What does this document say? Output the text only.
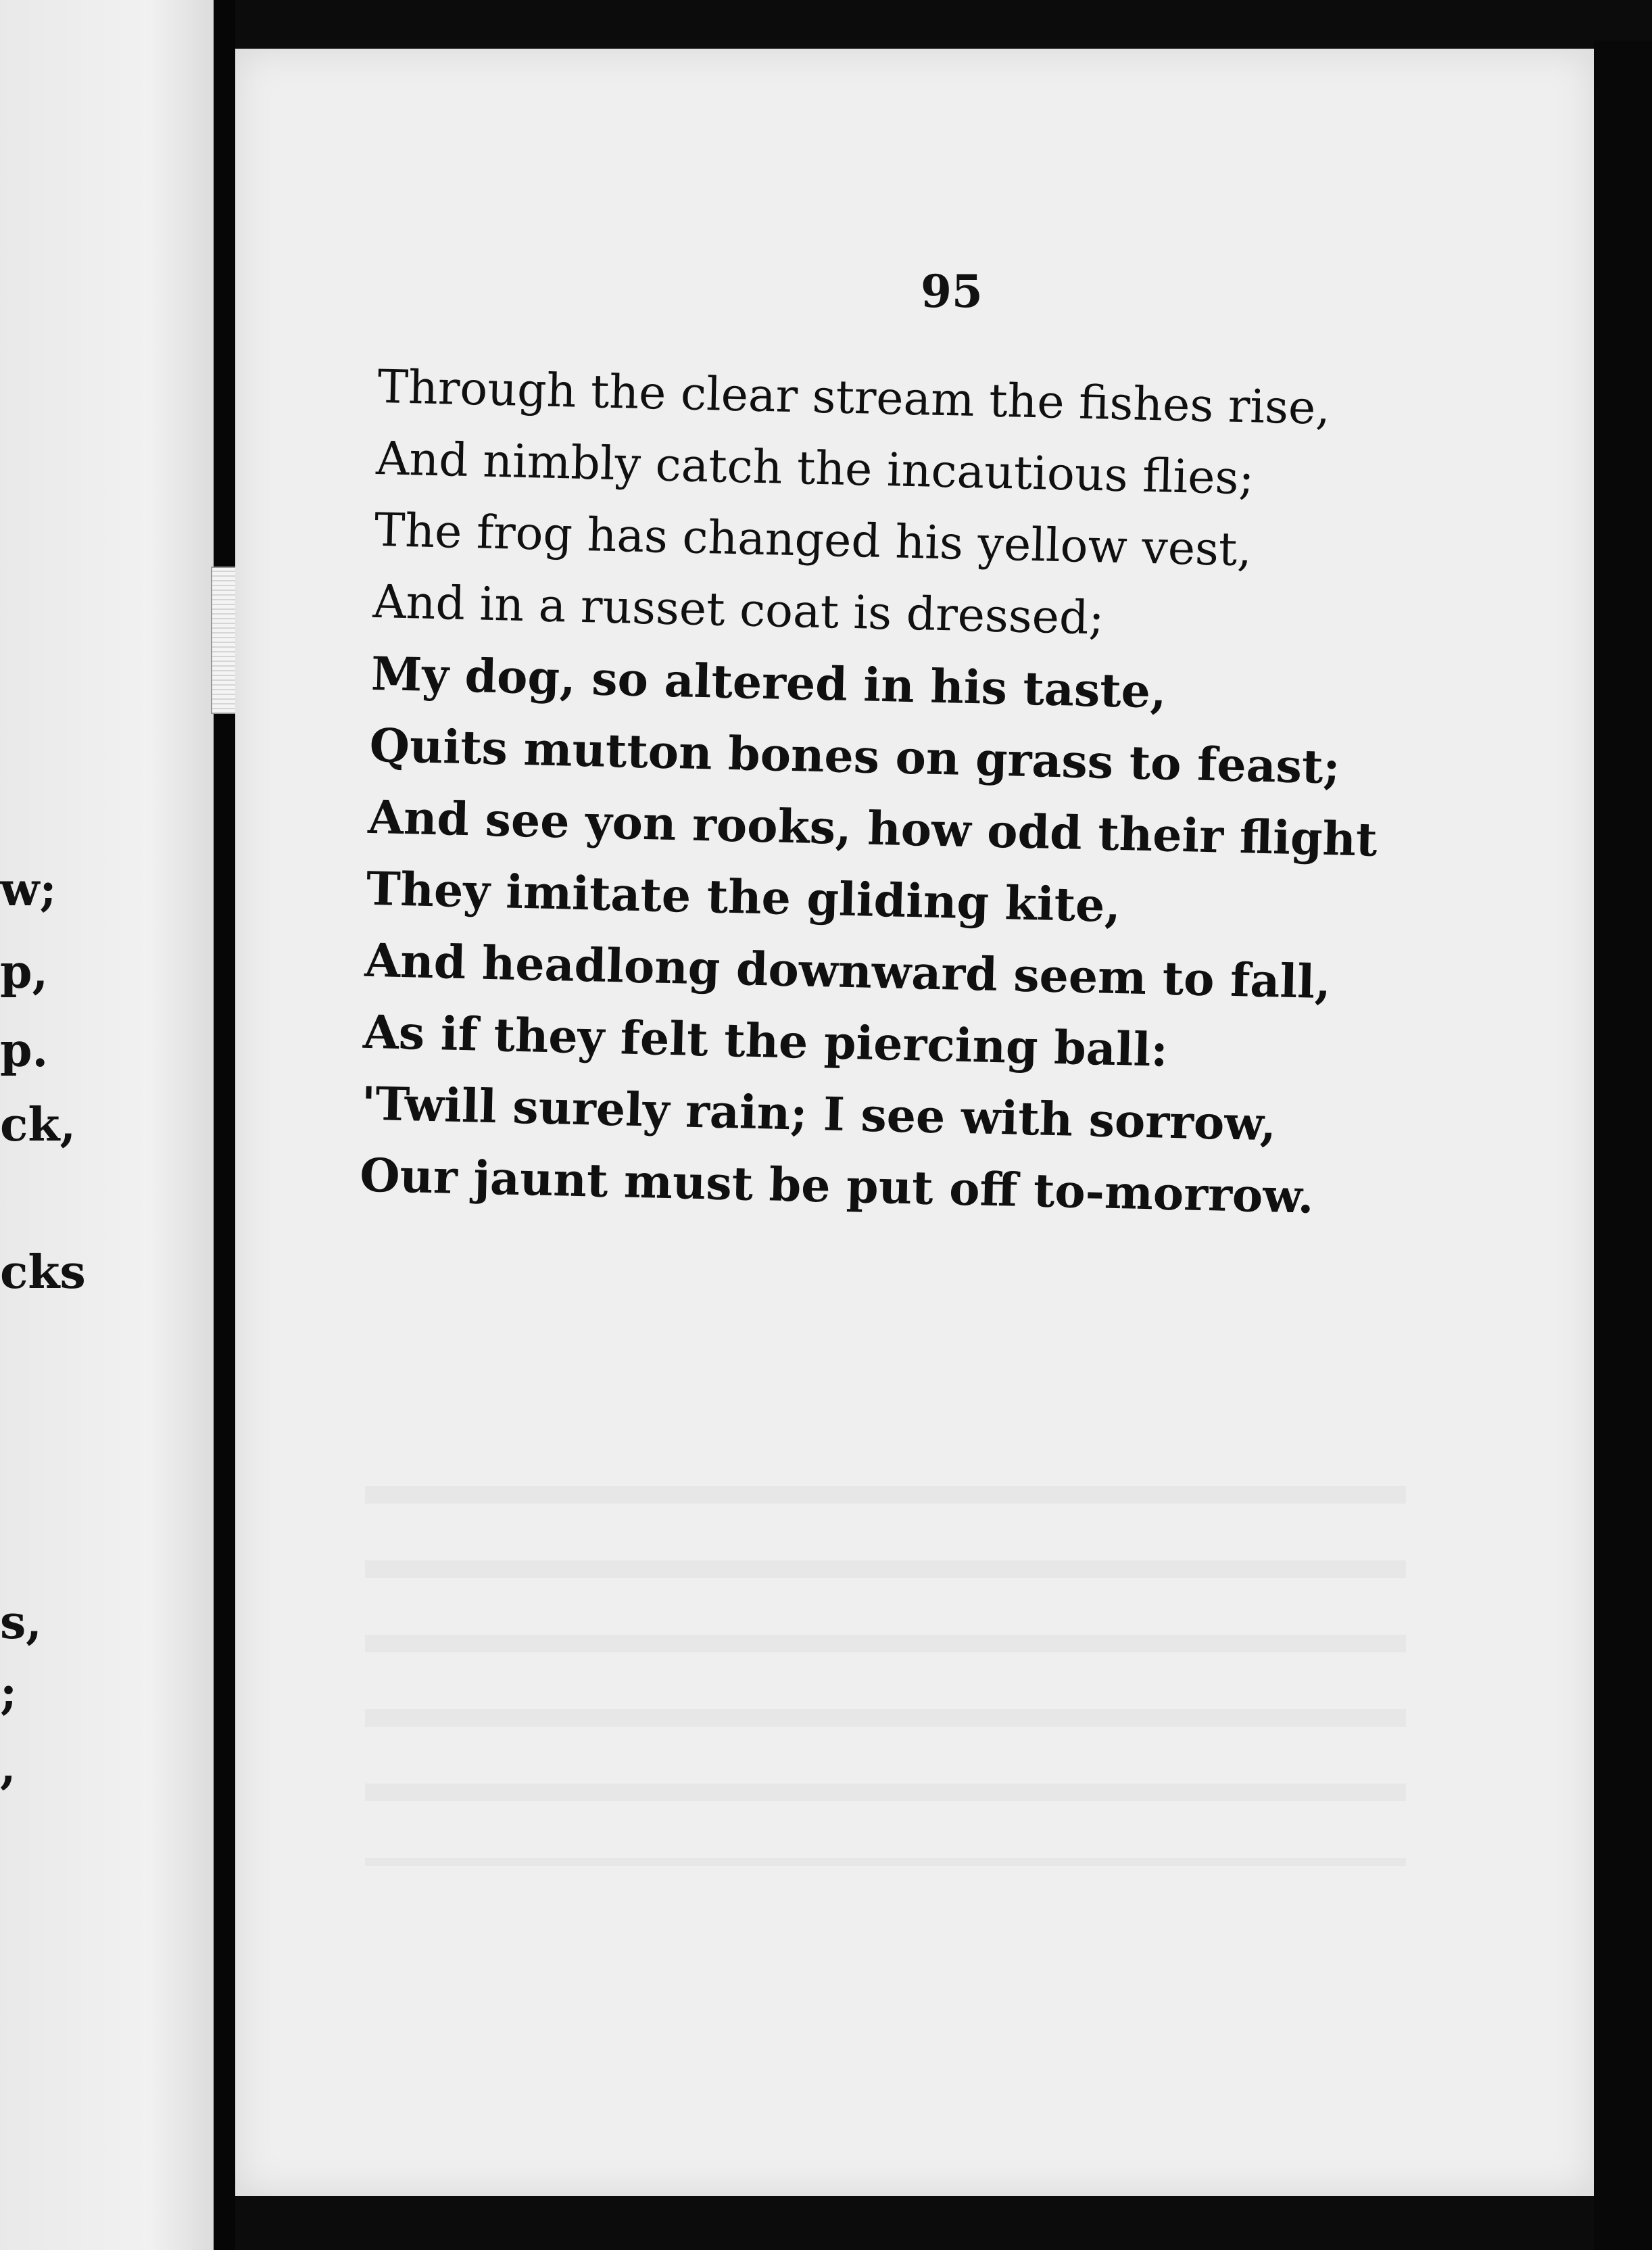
w;
p,
p.
ck,
cks
s,
;
,
95
Through the clear stream the fishes rise,
And nimbly catch the incautious flies;
The frog has changed his yellow vest,
And in a russet coat is dressed;
My dog, so altered in his taste,
Quits mutton bones on grass to feast;
And see yon rooks, how odd their flight
They imitate the gliding kite,
And headlong downward seem to fall,
As if they felt the piercing ball:
'Twill surely rain; I see with sorrow,
Our jaunt must be put off to-morrow.
